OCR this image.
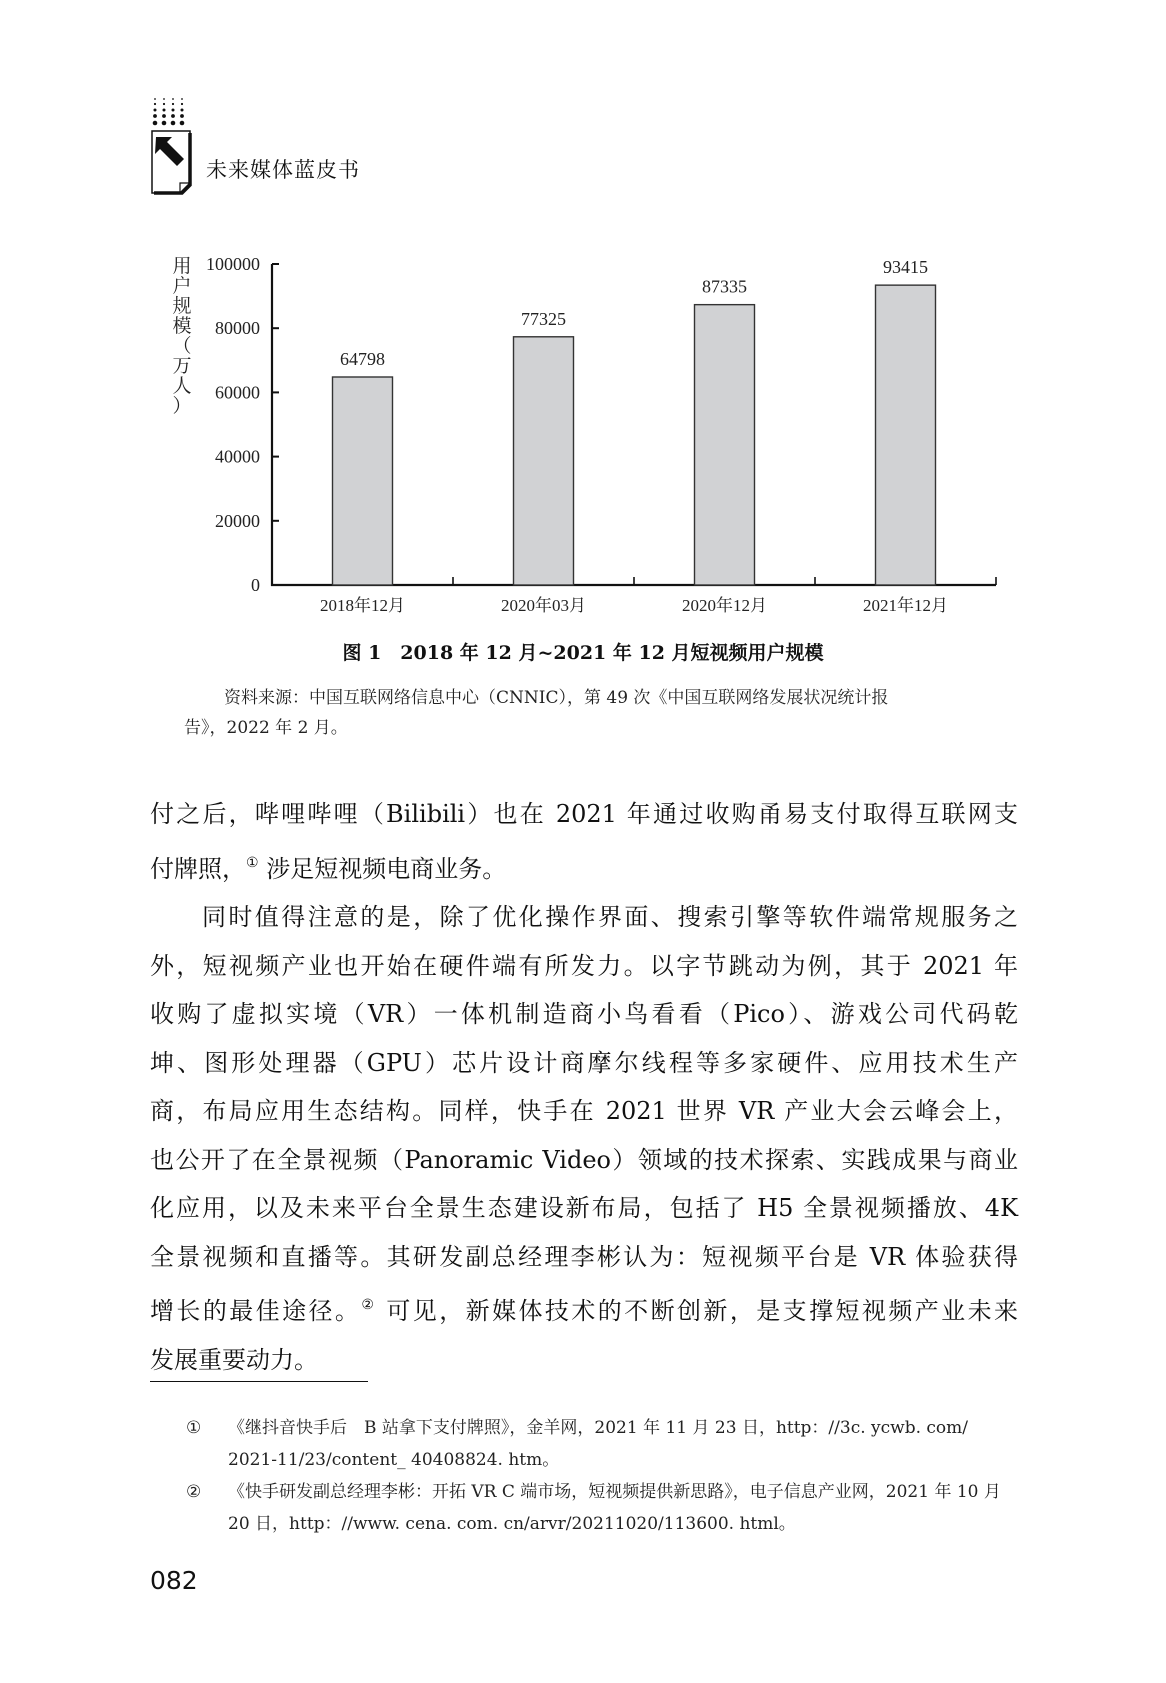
未来媒体蓝皮书
0
20000
40000
60000
80000
100000
64798
2018年12月
77325
2020年03月
87335
2020年12月
93415
2021年12月
用
户
规
模
（
万
人
）
图 1　2018 年 12 月~2021 年 12 月短视频用户规模
资料来源：中国互联网络信息中心（CNNIC），第 49 次《中国互联网络发展状况统计报
告》，2022 年 2 月。

付之后，哔哩哔哩（Bilibili）也在 2021 年通过收购甬易支付取得互联网支

付牌照，① 涉足短视频电商业务。

同时值得注意的是，除了优化操作界面、搜索引擎等软件端常规服务之

外，短视频产业也开始在硬件端有所发力。以字节跳动为例，其于 2021 年

收购了虚拟实境（VR）一体机制造商小鸟看看（Pico）、游戏公司代码乾

坤、图形处理器（GPU）芯片设计商摩尔线程等多家硬件、应用技术生产

商，布局应用生态结构。同样，快手在 2021 世界 VR 产业大会云峰会上，

也公开了在全景视频（Panoramic Video）领域的技术探索、实践成果与商业

化应用，以及未来平台全景生态建设新布局，包括了 H5 全景视频播放、4K

全景视频和直播等。其研发副总经理李彬认为：短视频平台是 VR 体验获得

增长的最佳途径。② 可见，新媒体技术的不断创新，是支撑短视频产业未来

发展重要动力。

① 《继抖音快手后　B 站拿下支付牌照》，金羊网，2021 年 11 月 23 日，http：//3c. ycwb. com/ 2021-11/23/content_ 40408824. htm。
② 《快手研发副总经理李彬：开拓 VR C 端市场，短视频提供新思路》，电子信息产业网，2021 年 10 月 20 日，http：//www. cena. com. cn/arvr/20211020/113600. html。
082
